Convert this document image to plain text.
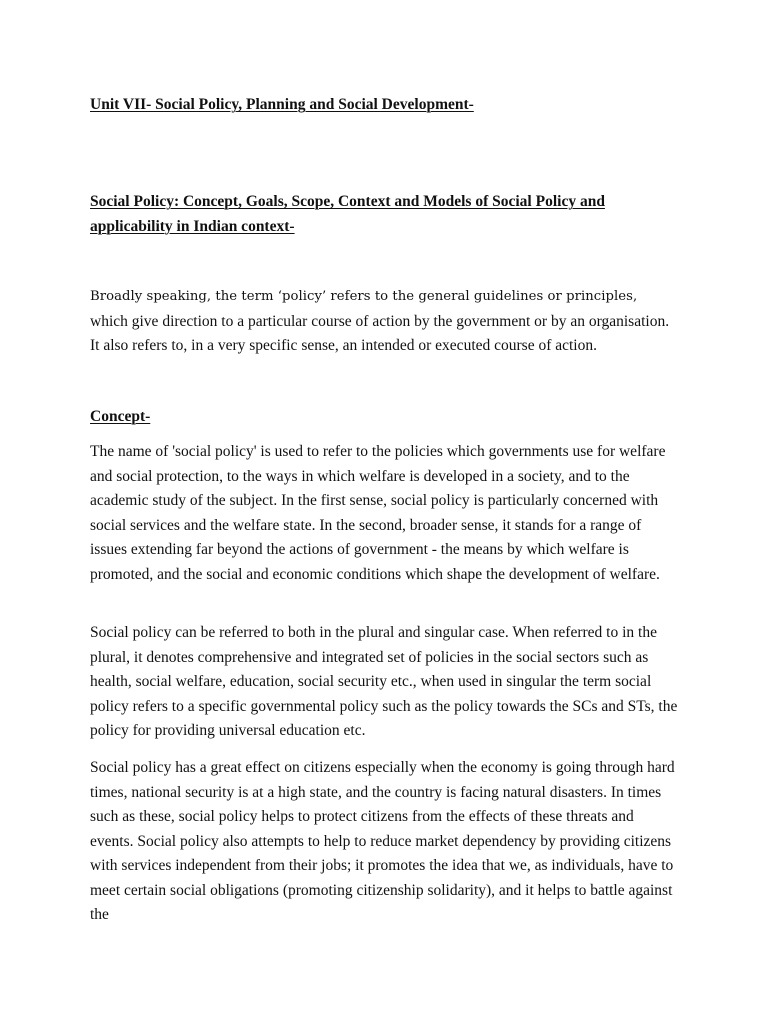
Unit VII- Social Policy, Planning and Social Development-

Social Policy: Concept, Goals, Scope, Context and Models of Social Policy and applicability in Indian context-

Broadly speaking, the term ‘policy’ refers to the general guidelines or principles,
which give direction to a particular course of action by the government or by an organisation. It also refers to, in a very specific sense, an intended or executed course of action.

Concept-

The name of 'social policy' is used to refer to the policies which governments use for welfare and social protection, to the ways in which welfare is developed in a society, and to the academic study of the subject. In the first sense, social policy is particularly concerned with social services and the welfare state. In the second, broader sense, it stands for a range of issues extending far beyond the actions of government - the means by which welfare is promoted, and the social and economic conditions which shape the development of welfare.

Social policy can be referred to both in the plural and singular case. When referred to in the plural, it denotes comprehensive and integrated set of policies in the social sectors such as health, social welfare, education, social security etc., when used in singular the term social policy refers to a specific governmental policy such as the policy towards the SCs and STs, the policy for providing universal education etc.

Social policy has a great effect on citizens especially when the economy is going through hard times, national security is at a high state, and the country is facing natural disasters. In times such as these, social policy helps to protect citizens from the effects of these threats and events. Social policy also attempts to help to reduce market dependency by providing citizens with services independent from their jobs; it promotes the idea that we, as individuals, have to meet certain social obligations (promoting citizenship solidarity), and it helps to battle against the
